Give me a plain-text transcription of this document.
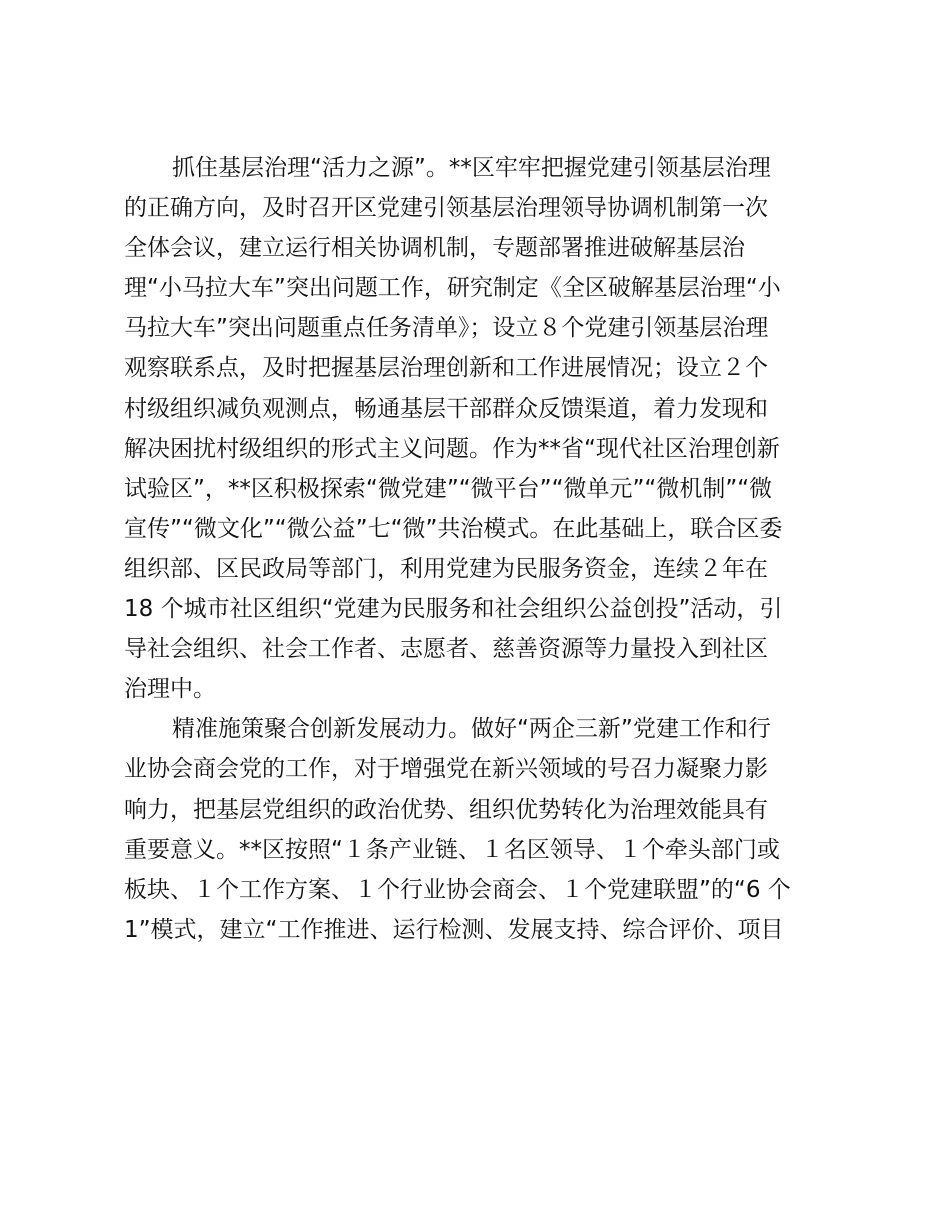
抓住基层治理“活力之源”。**区牢牢把握党建引领基层治理
的正确方向，及时召开区党建引领基层治理领导协调机制第一次
全体会议，建立运行相关协调机制，专题部署推进破解基层治
理“小马拉大车”突出问题工作，研究制定《全区破解基层治理“小
马拉大车”突出问题重点任务清单》；设立８个党建引领基层治理
观察联系点，及时把握基层治理创新和工作进展情况；设立２个
村级组织减负观测点，畅通基层干部群众反馈渠道，着力发现和
解决困扰村级组织的形式主义问题。作为**省“现代社区治理创新
试验区”，**区积极探索“微党建”“微平台”“微单元”“微机制”“微
宣传”“微文化”“微公益”七“微”共治模式。在此基础上，联合区委
组织部、区民政局等部门，利用党建为民服务资金，连续２年在
18 个城市社区组织“党建为民服务和社会组织公益创投”活动，引
导社会组织、社会工作者、志愿者、慈善资源等力量投入到社区
治理中。
精准施策聚合创新发展动力。做好“两企三新”党建工作和行
业协会商会党的工作，对于增强党在新兴领域的号召力凝聚力影
响力，把基层党组织的政治优势、组织优势转化为治理效能具有
重要意义。**区按照“１条产业链、１名区领导、１个牵头部门或
板块、１个工作方案、１个行业协会商会、１个党建联盟”的“6 个
1”模式，建立“工作推进、运行检测、发展支持、综合评价、项目
